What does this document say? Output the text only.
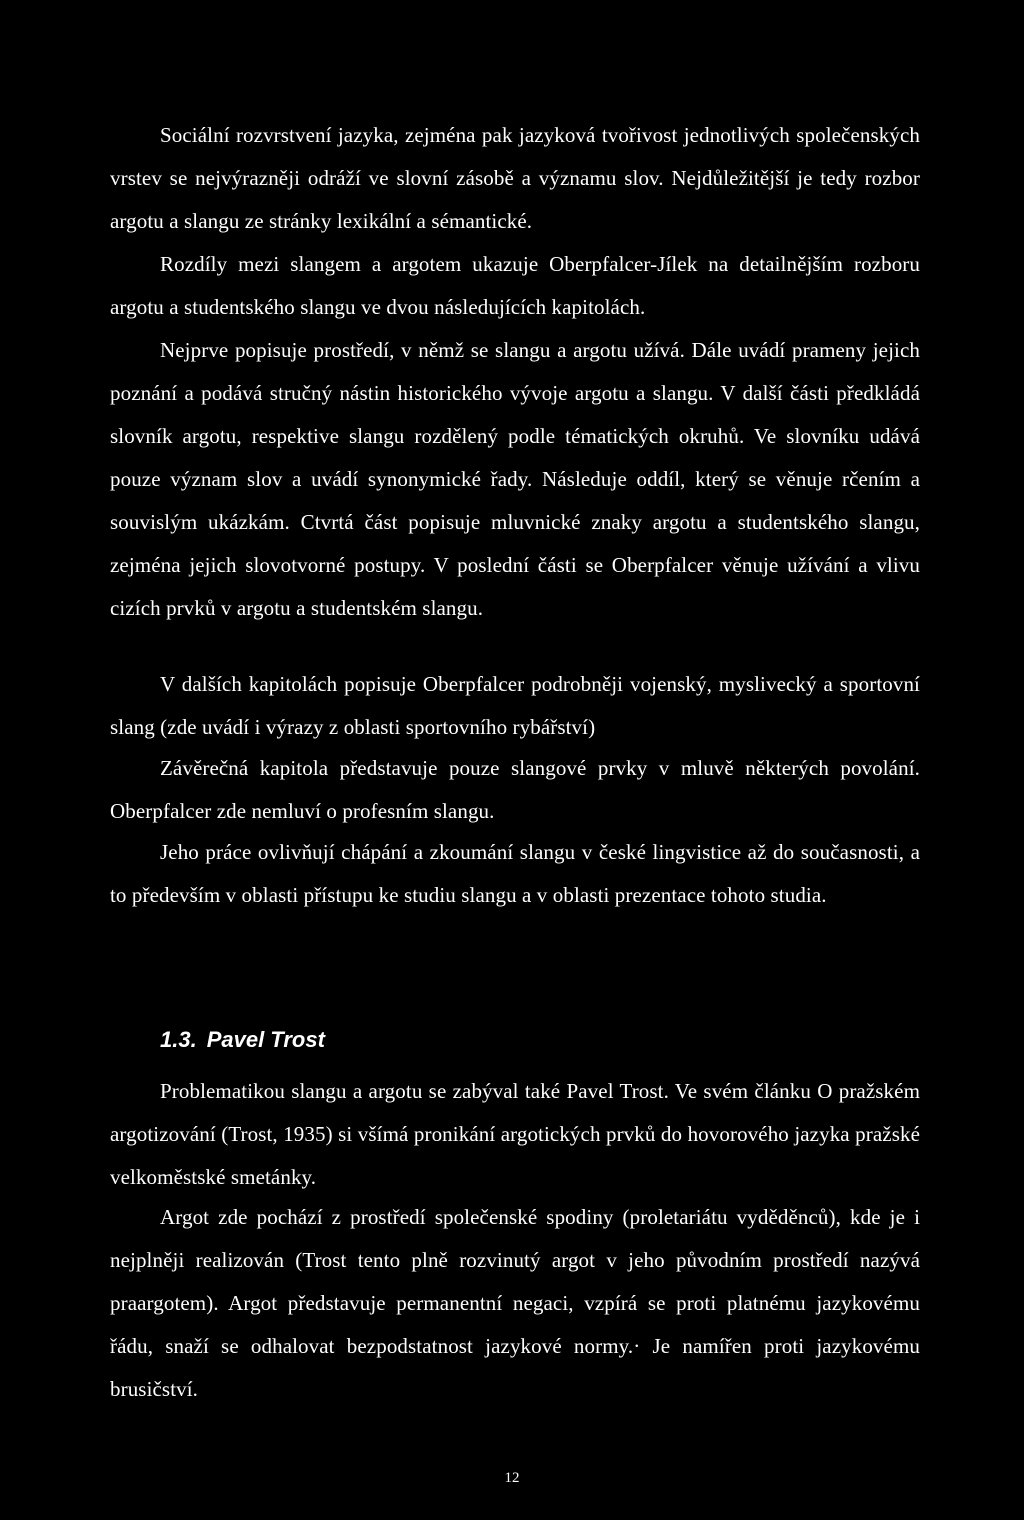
Sociální rozvrstvení jazyka, zejména pak jazyková tvořivost jednotlivých společenských vrstev se nejvýrazněji odráží ve slovní zásobě a významu slov. Nejdůležitější je tedy rozbor argotu a slangu ze stránky lexikální a sémantické.

Rozdíly mezi slangem a argotem ukazuje Oberpfalcer-Jílek na detailnějším rozboru argotu a studentského slangu ve dvou následujících kapitolách.

Nejprve popisuje prostředí, v němž se slangu a argotu užívá. Dále uvádí prameny jejich poznání a podává stručný nástin historického vývoje argotu a slangu. V další části předkládá slovník argotu, respektive slangu rozdělený podle tématických okruhů. Ve slovníku udává pouze význam slov a uvádí synonymické řady. Následuje oddíl, který se věnuje rčením a souvislým ukázkám. Ctvrtá část popisuje mluvnické znaky argotu a studentského slangu, zejména jejich slovotvorné postupy. V poslední části se Oberpfalcer věnuje užívání a vlivu cizích prvků v argotu a studentském slangu.

V dalších kapitolách popisuje Oberpfalcer podrobněji vojenský, myslivecký a sportovní slang (zde uvádí i výrazy z oblasti sportovního rybářství)

Závěrečná kapitola představuje pouze slangové prvky v mluvě některých povolání. Oberpfalcer zde nemluví o profesním slangu.

Jeho práce ovlivňují chápání a zkoumání slangu v české lingvistice až do současnosti, a to především v oblasti přístupu ke studiu slangu a v oblasti prezentace tohoto studia.

1.3. Pavel Trost

Problematikou slangu a argotu se zabýval také Pavel Trost. Ve svém článku O pražském argotizování (Trost, 1935) si všímá pronikání argotických prvků do hovorového jazyka pražské velkoměstské smetánky.

Argot zde pochází z prostředí společenské spodiny (proletariátu vyděděnců), kde je i nejplněji realizován (Trost tento plně rozvinutý argot v jeho původním prostředí nazývá praargotem). Argot představuje permanentní negaci, vzpírá se proti platnému jazykovému řádu, snaží se odhalovat bezpodstatnost jazykové normy.· Je namířen proti jazykovému brusičství.

12
